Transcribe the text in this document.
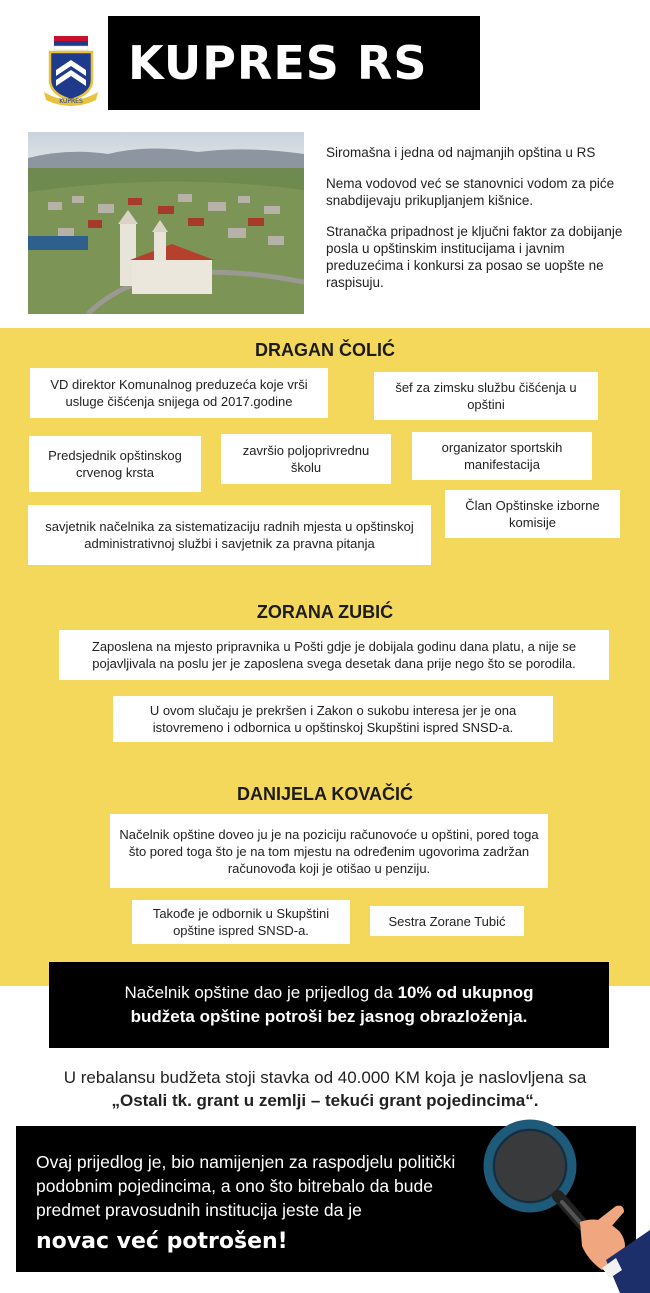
KUPRES
KUPRES RS

Siromašna i jedna od najmanjih opština u RS

Nema vodovod već se stanovnici vodom za piće snabdijevaju prikupljanjem kišnice.

Stranačka pripadnost je ključni faktor za dobijanje posla u opštinskim institucijama i javnim preduzećima i konkursi za posao se uopšte ne raspisuju.

DRAGAN ČOLIĆ
VD direktor Komunalnog preduzeća koje vrši usluge čišćenja snijega od 2017.godine
šef za zimsku službu čišćenja u opštini
Predsjednik opštinskog crvenog krsta
završio poljoprivrednu školu
organizator sportskih manifestacija
Član Opštinske izborne komisije
savjetnik načelnika za sistematizaciju radnih mjesta u opštinskoj administrativnoj službi i savjetnik za pravna pitanja
ZORANA ZUBIĆ
Zaposlena na mjesto pripravnika u Pošti gdje je dobijala godinu dana platu, a nije se pojavljivala na poslu jer je zaposlena svega desetak dana prije nego što se porodila.
U ovom slučaju je prekršen i Zakon o sukobu interesa jer je ona istovremeno i odbornica u opštinskoj Skupštini ispred SNSD-a.
DANIJELA KOVAČIĆ
Načelnik opštine doveo ju je na poziciju računovoće u opštini, pored toga što pored toga što je na tom mjestu na određenim ugovorima zadržan računovođa koji je otišao u penziju.
Takođe je odbornik u Skupštini opštine ispred SNSD-a.
Sestra Zorane Tubić
Načelnik opštine dao je prijedlog da 10% od ukupnog
budžeta opštine potroši bez jasnog obrazloženja.
U rebalansu budžeta stoji stavka od 40.000 KM koja je naslovljena sa
„Ostali tk. grant u zemlji – tekući grant pojedincima“.
Ovaj prijedlog je, bio namijenjen za raspodjelu politički podobnim pojedincima, a ono što bitrebalo da bude predmet pravosudnih institucija jeste da je
novac već potrošen!
